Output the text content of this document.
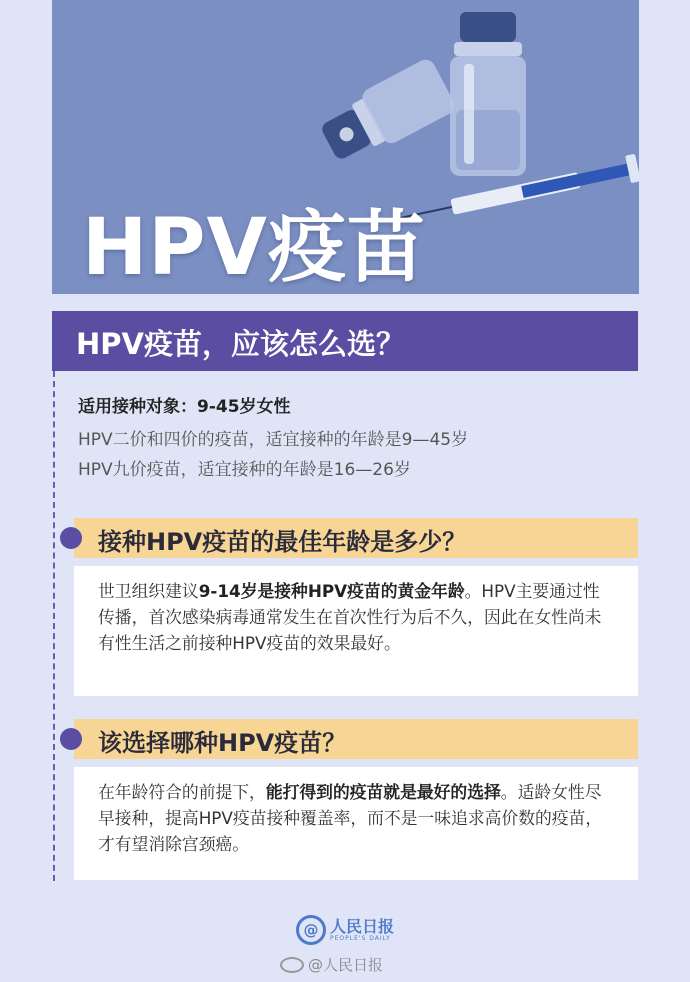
HPV疫苗
HPV疫苗，应该怎么选？
适用接种对象：9-45岁女性
HPV二价和四价的疫苗，适宜接种的年龄是9—45岁
HPV九价疫苗，适宜接种的年龄是16—26岁
接种HPV疫苗的最佳年龄是多少？
世卫组织建议9-14岁是接种HPV疫苗的黄金年龄。HPV主要通过性传播，首次感染病毒通常发生在首次性行为后不久，因此在女性尚未有性生活之前接种HPV疫苗的效果最好。
该选择哪种HPV疫苗？
在年龄符合的前提下，能打得到的疫苗就是最好的选择。适龄女性尽早接种，提高HPV疫苗接种覆盖率，而不是一味追求高价数的疫苗，才有望消除宫颈癌。
@ 人民日报
PEOPLE'S DAILY
@人民日报
